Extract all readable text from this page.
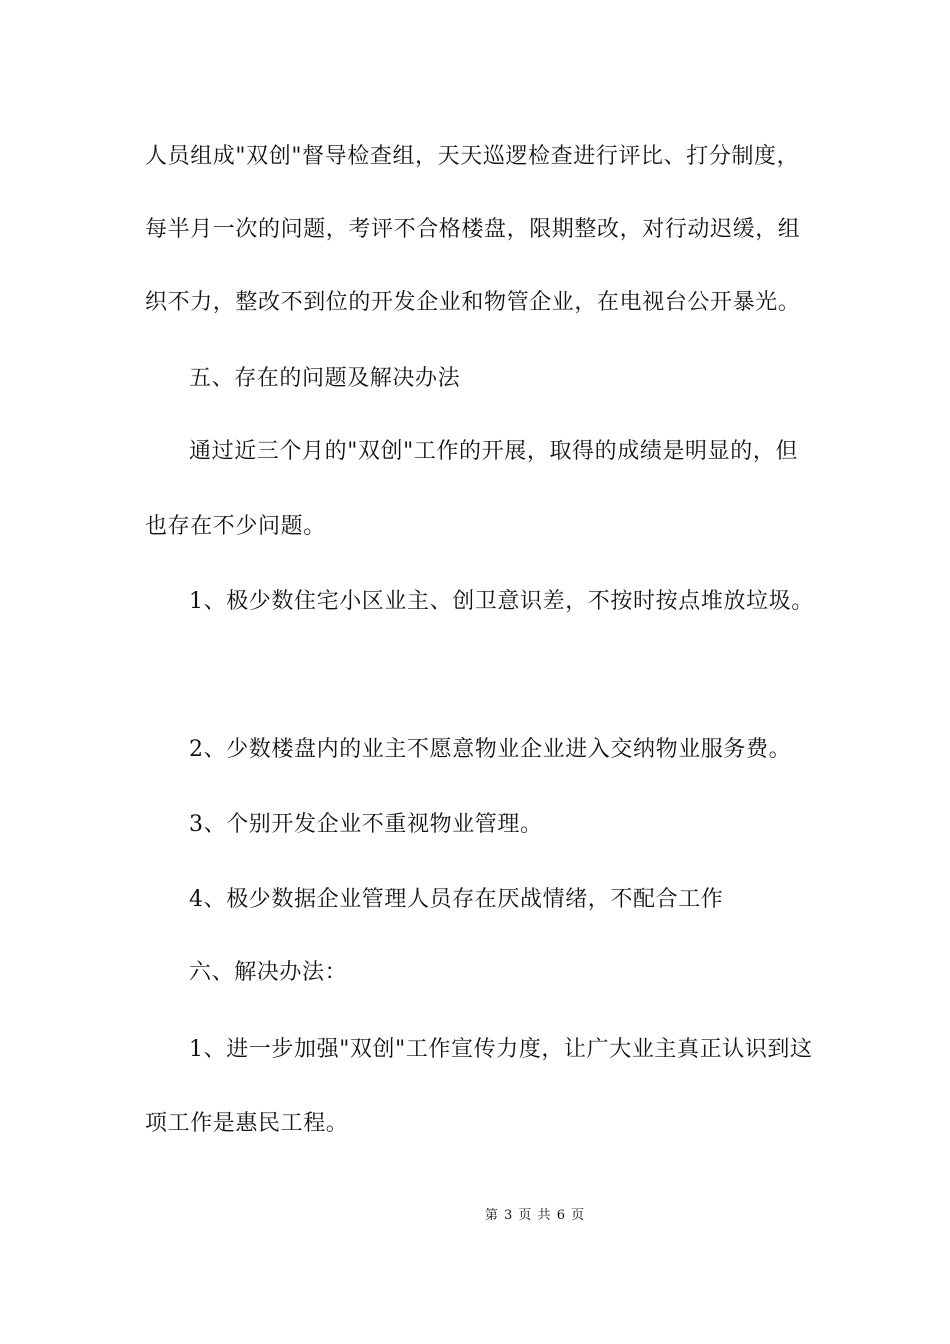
人员组成"双创"督导检查组，天天巡逻检查进行评比、打分制度，
每半月一次的问题，考评不合格楼盘，限期整改，对行动迟缓，组
织不力，整改不到位的开发企业和物管企业，在电视台公开暴光。
五、存在的问题及解决办法
通过近三个月的"双创"工作的开展，取得的成绩是明显的，但
也存在不少问题。
1、极少数住宅小区业主、创卫意识差，不按时按点堆放垃圾。
2、少数楼盘内的业主不愿意物业企业进入交纳物业服务费。
3、个别开发企业不重视物业管理。
4、极少数据企业管理人员存在厌战情绪，不配合工作
六、解决办法：
1、进一步加强"双创"工作宣传力度，让广大业主真正认识到这
项工作是惠民工程。
第 3 页 共 6 页
